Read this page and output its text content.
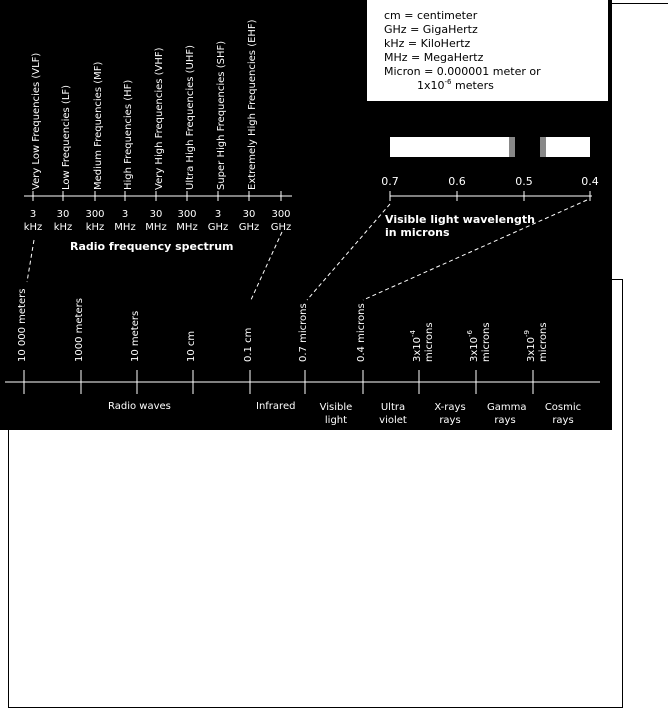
cm = centimeter
GHz = GigaHertz
kHz = KiloHertz
MHz = MegaHertz
Micron = 0.000001 meter or
$1x10^{-6}$ meters
Very Low Frequencies (VLF) Low Frequencies (LF) Medium Frequencies (MF) High Frequencies (HF) Very High Frequencies (VHF) Ultra High Frequencies (UHF) Super High Frequencies (SHF) Extremely High Frequencies (EHF)
3
kHz
30
kHz
300
kHz
3
MHz
30
MHz
300
MHz
3
GHz
30
GHz
300
GHz
Radio frequency spectrum
0.7	0.6	0.5	0.4
Visible light wavelength
in microns
10 000 meters	1000 meters	10 meters	10 cm	0.1 cm	0.7 microns	0.4 microns	$3x10^{-4}$ microns	$3x10^{-6}$ microns	$3x10^{-9}$ microns
Radio waves	Infrared Visible
light
Ultra
violet
X-rays
rays
Gamma
rays
Cosmic
rays
